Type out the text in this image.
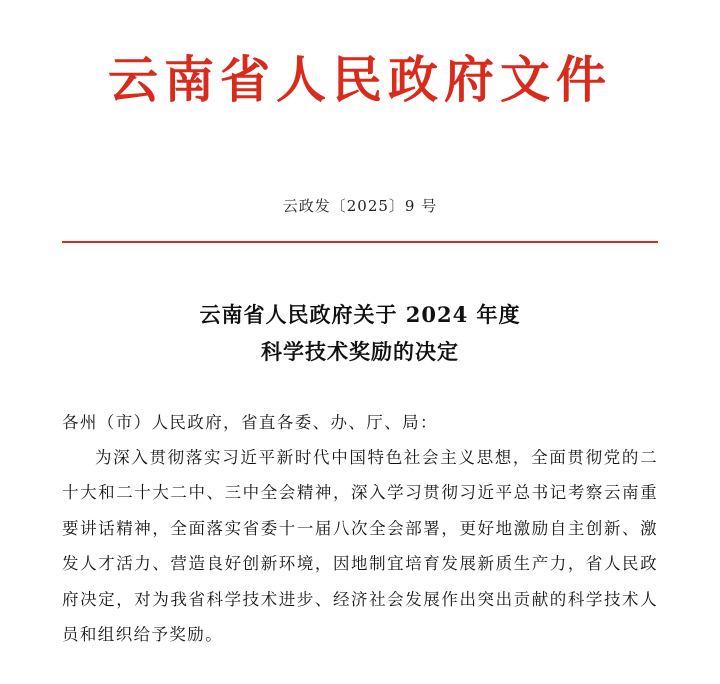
云南省人民政府文件
云政发〔2025〕9 号
云南省人民政府关于 2024 年度
科学技术奖励的决定

各州（市）人民政府，省直各委、办、厅、局：

为深入贯彻落实习近平新时代中国特色社会主义思想，全面贯彻党的二十大和二十大二中、三中全会精神，深入学习贯彻习近平总书记考察云南重要讲话精神，全面落实省委十一届八次全会部署，更好地激励自主创新、激发人才活力、营造良好创新环境，因地制宜培育发展新质生产力，省人民政府决定，对为我省科学技术进步、经济社会发展作出突出贡献的科学技术人员和组织给予奖励。
